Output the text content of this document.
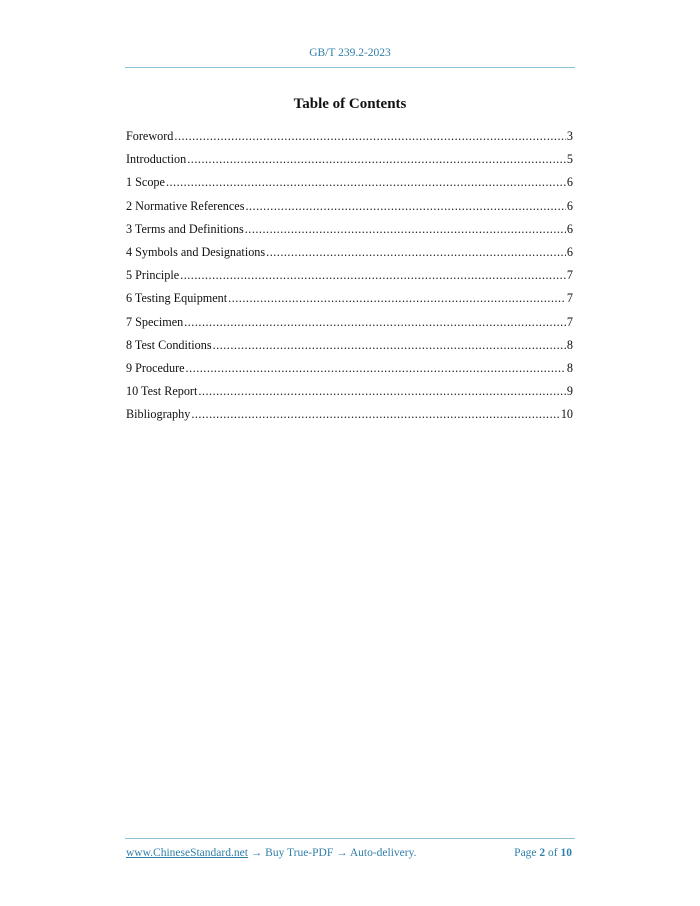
GB/T 239.2-2023
Table of Contents
Foreword .....	3
Introduction .....	5
1 Scope .....	6
2 Normative References .....	6
3 Terms and Definitions .....	6
4 Symbols and Designations .....	6
5 Principle .....	7
6 Testing Equipment .....	7
7 Specimen .....	7
8 Test Conditions .....	8
9 Procedure .....	8
10 Test Report .....	9
Bibliography .....	10
www.ChineseStandard.net → Buy True-PDF → Auto-delivery.	Page 2 of 10
